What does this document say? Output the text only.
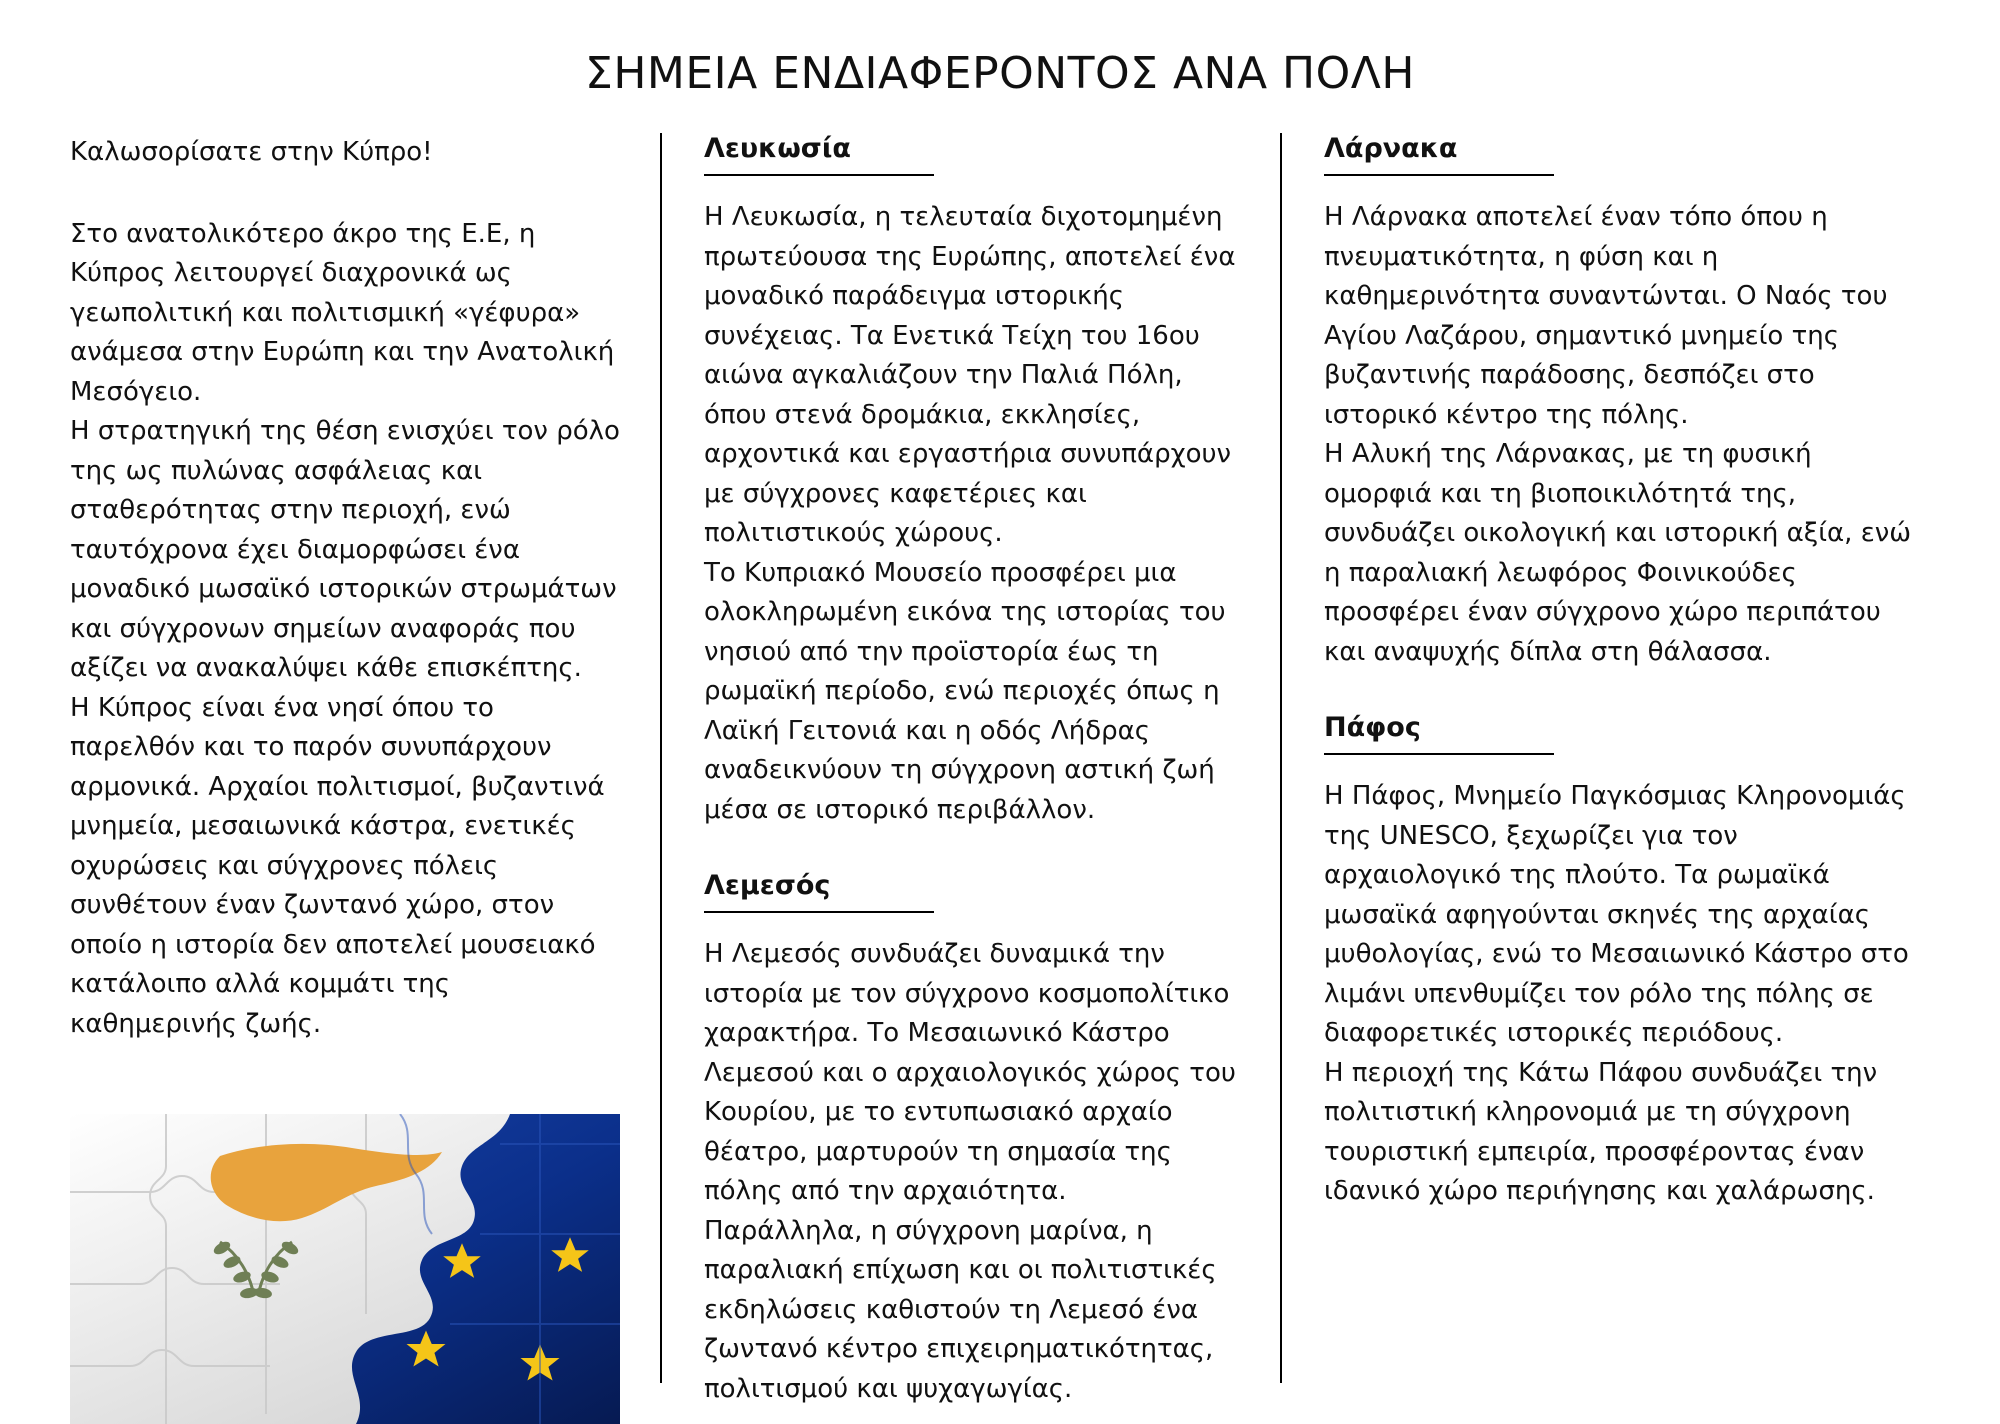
ΣΗΜΕΙΑ ΕΝΔΙΑΦΕΡΟΝΤΟΣ ΑΝΑ ΠΟΛΗ
Καλωσορίσατε στην Κύπρο!
Στο ανατολικότερο άκρο της Ε.Ε, η Κύπρος λειτουργεί διαχρονικά ως γεωπολιτική και πολιτισμική «γέφυρα» ανάμεσα στην Ευρώπη και την Ανατολική Μεσόγειο.
Η στρατηγική της θέση ενισχύει τον ρόλο της ως πυλώνας ασφάλειας και σταθερότητας στην περιοχή, ενώ ταυτόχρονα έχει διαμορφώσει ένα μοναδικό μωσαϊκό ιστορικών στρωμάτων και σύγχρονων σημείων αναφοράς που αξίζει να ανακαλύψει κάθε επισκέπτης.
Η Κύπρος είναι ένα νησί όπου το παρελθόν και το παρόν συνυπάρχουν αρμονικά. Αρχαίοι πολιτισμοί, βυζαντινά μνημεία, μεσαιωνικά κάστρα, ενετικές οχυρώσεις και σύγχρονες πόλεις συνθέτουν έναν ζωντανό χώρο, στον οποίο η ιστορία δεν αποτελεί μουσειακό κατάλοιπο αλλά κομμάτι της καθημερινής ζωής.
Λευκωσία
Η Λευκωσία, η τελευταία διχοτομημένη πρωτεύουσα της Ευρώπης, αποτελεί ένα μοναδικό παράδειγμα ιστορικής συνέχειας. Τα Ενετικά Τείχη του 16ου αιώνα αγκαλιάζουν την Παλιά Πόλη, όπου στενά δρομάκια, εκκλησίες, αρχοντικά και εργαστήρια συνυπάρχουν με σύγχρονες καφετέριες και πολιτιστικούς χώρους.
Το Κυπριακό Μουσείο προσφέρει μια ολοκληρωμένη εικόνα της ιστορίας του νησιού από την προϊστορία έως τη ρωμαϊκή περίοδο, ενώ περιοχές όπως η Λαϊκή Γειτονιά και η οδός Λήδρας αναδεικνύουν τη σύγχρονη αστική ζωή μέσα σε ιστορικό περιβάλλον.
Λεμεσός
Η Λεμεσός συνδυάζει δυναμικά την ιστορία με τον σύγχρονο κοσμοπολίτικο χαρακτήρα. Το Μεσαιωνικό Κάστρο Λεμεσού και ο αρχαιολογικός χώρος του Κουρίου, με το εντυπωσιακό αρχαίο θέατρο, μαρτυρούν τη σημασία της πόλης από την αρχαιότητα.
Παράλληλα, η σύγχρονη μαρίνα, η παραλιακή επίχωση και οι πολιτιστικές εκδηλώσεις καθιστούν τη Λεμεσό ένα ζωντανό κέντρο επιχειρηματικότητας, πολιτισμού και ψυχαγωγίας.
Λάρνακα
Η Λάρνακα αποτελεί έναν τόπο όπου η πνευματικότητα, η φύση και η καθημερινότητα συναντώνται. Ο Ναός του Αγίου Λαζάρου, σημαντικό μνημείο της βυζαντινής παράδοσης, δεσπόζει στο ιστορικό κέντρο της πόλης.
Η Αλυκή της Λάρνακας, με τη φυσική ομορφιά και τη βιοποικιλότητά της, συνδυάζει οικολογική και ιστορική αξία, ενώ η παραλιακή λεωφόρος Φοινικούδες προσφέρει έναν σύγχρονο χώρο περιπάτου και αναψυχής δίπλα στη θάλασσα.
Πάφος
Η Πάφος, Μνημείο Παγκόσμιας Κληρονομιάς της UNESCO, ξεχωρίζει για τον αρχαιολογικό της πλούτο. Τα ρωμαϊκά μωσαϊκά αφηγούνται σκηνές της αρχαίας μυθολογίας, ενώ το Μεσαιωνικό Κάστρο στο λιμάνι υπενθυμίζει τον ρόλο της πόλης σε διαφορετικές ιστορικές περιόδους.
Η περιοχή της Κάτω Πάφου συνδυάζει την πολιτιστική κληρονομιά με τη σύγχρονη τουριστική εμπειρία, προσφέροντας έναν ιδανικό χώρο περιήγησης και χαλάρωσης.
